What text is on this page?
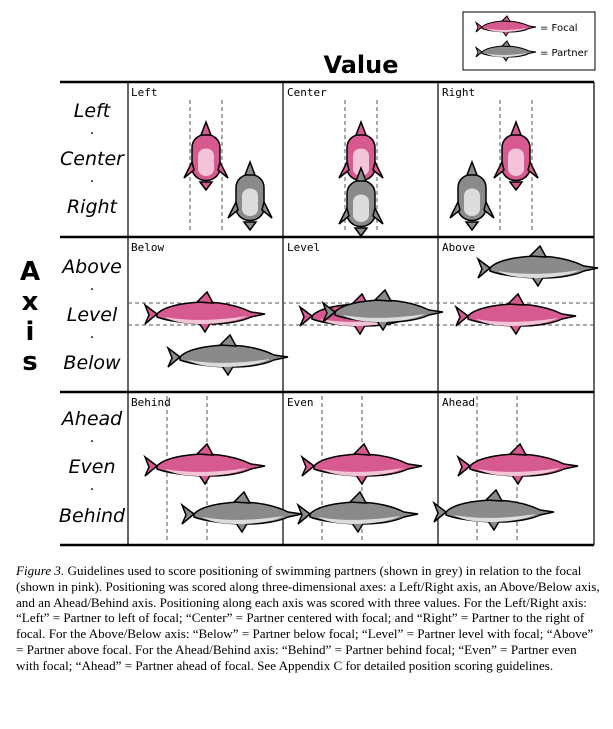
= Focal
= Partner
Value
A
x
i
s
Left
·
Center
·
Right
Above
·
Level
·
Below
Ahead
·
Even
·
Behind
Left	Center	Right
Below	Level	Above
Behind	Even	Ahead
Figure 3. Guidelines used to score positioning of swimming partners (shown in grey) in relation to the focal (shown in pink). Positioning was scored along three-dimensional axes: a Left/Right axis, an Above/Below axis, and an Ahead/Behind axis. Positioning along each axis was scored with three values. For the Left/Right axis: “Left” = Partner to left of focal; “Center” = Partner centered with focal; and “Right” = Partner to the right of focal. For the Above/Below axis: “Below” = Partner below focal; “Level” = Partner level with focal; “Above” = Partner above focal. For the Ahead/Behind axis: “Behind” = Partner behind focal; “Even” = Partner even with focal; “Ahead” = Partner ahead of focal. See Appendix C for detailed position scoring guidelines.
